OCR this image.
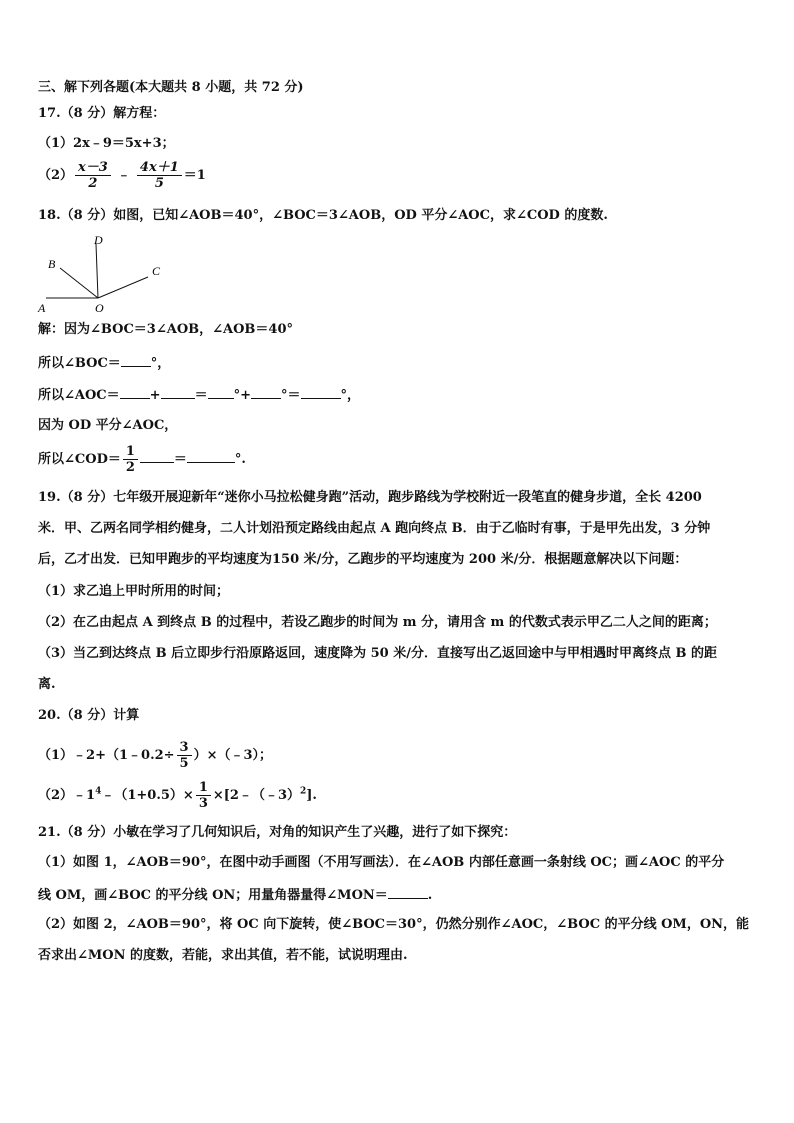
三、解下列各题(本大题共 8 小题，共 72 分)
17.（8 分）解方程：
（1）2x﹣9＝5x+3；
$(2) \frac{x-3}{2}$ ﹣ $\frac{4x+1}{5} =1$
18.（8 分）如图，已知∠AOB＝40°，∠BOC＝3∠AOB，OD 平分∠AOC，求∠COD 的度数.
D
B	C
A	O
解：因为∠BOC＝3∠AOB，∠AOB＝40°
所以∠BOC＝ °，
所以∠AOC＝ +	＝ °+ °＝	°，
因为 OD 平分∠AOC，
所以∠COD＝ $\frac{1}{2}$	＝	°.
19.（8 分）七年级开展迎新年“迷你小马拉松健身跑”活动，跑步路线为学校附近一段笔直的健身步道，全长 4200
米．甲、乙两名同学相约健身，二人计划沿预定路线由起点 A 跑向终点 B．由于乙临时有事，于是甲先出发，3 分钟
后，乙才出发．已知甲跑步的平均速度为150 米/分，乙跑步的平均速度为 200 米/分．根据题意解决以下问题：
（1）求乙追上甲时所用的时间；
（2）在乙由起点 A 到终点 B 的过程中，若设乙跑步的时间为 m 分，请用含 m 的代数式表示甲乙二人之间的距离；
（3）当乙到达终点 B 后立即步行沿原路返回，速度降为 50 米/分．直接写出乙返回途中与甲相遇时甲离终点 B 的距
离.
20.（8 分）计算
（1）﹣2+（1﹣0.2÷ $\frac{3}{5}$ ）×（﹣3）；
$(2)﹣1^4﹣(1+0.5)\times \frac{1}{3}$ ×[2﹣（﹣3）$^2$].
21.（8 分）小敏在学习了几何知识后，对角的知识产生了兴趣，进行了如下探究：
（1）如图 1，∠AOB＝90°，在图中动手画图（不用写画法）．在∠AOB 内部任意画一条射线 OC；画∠AOC 的平分
线 OM，画∠BOC 的平分线 ON；用量角器量得∠MON＝	.
（2）如图 2，∠AOB＝90°，将 OC 向下旋转，使∠BOC＝30°，仍然分别作∠AOC，∠BOC 的平分线 OM，ON，能
否求出∠MON 的度数，若能，求出其值，若不能，试说明理由.
